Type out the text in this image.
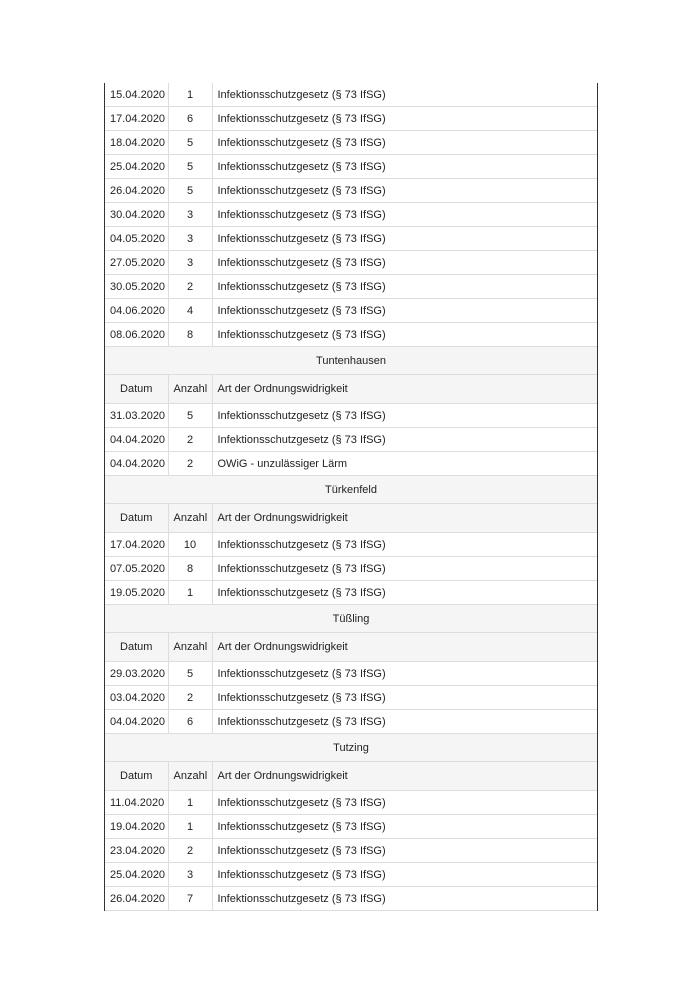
15.04.2020	1	Infektionsschutzgesetz (§ 73 IfSG)
17.04.2020	6	Infektionsschutzgesetz (§ 73 IfSG)
18.04.2020	5	Infektionsschutzgesetz (§ 73 IfSG)
25.04.2020	5	Infektionsschutzgesetz (§ 73 IfSG)
26.04.2020	5	Infektionsschutzgesetz (§ 73 IfSG)
30.04.2020	3	Infektionsschutzgesetz (§ 73 IfSG)
04.05.2020	3	Infektionsschutzgesetz (§ 73 IfSG)
27.05.2020	3	Infektionsschutzgesetz (§ 73 IfSG)
30.05.2020	2	Infektionsschutzgesetz (§ 73 IfSG)
04.06.2020	4	Infektionsschutzgesetz (§ 73 IfSG)
08.06.2020	8	Infektionsschutzgesetz (§ 73 IfSG)
Tuntenhausen		
Datum	Anzahl	Art der Ordnungswidrigkeit
31.03.2020	5	Infektionsschutzgesetz (§ 73 IfSG)
04.04.2020	2	Infektionsschutzgesetz (§ 73 IfSG)
04.04.2020	2	OWiG - unzulässiger Lärm
Türkenfeld		
Datum	Anzahl	Art der Ordnungswidrigkeit
17.04.2020	10	Infektionsschutzgesetz (§ 73 IfSG)
07.05.2020	8	Infektionsschutzgesetz (§ 73 IfSG)
19.05.2020	1	Infektionsschutzgesetz (§ 73 IfSG)
Tüßling		
Datum	Anzahl	Art der Ordnungswidrigkeit
29.03.2020	5	Infektionsschutzgesetz (§ 73 IfSG)
03.04.2020	2	Infektionsschutzgesetz (§ 73 IfSG)
04.04.2020	6	Infektionsschutzgesetz (§ 73 IfSG)
Tutzing		
Datum	Anzahl	Art der Ordnungswidrigkeit
11.04.2020	1	Infektionsschutzgesetz (§ 73 IfSG)
19.04.2020	1	Infektionsschutzgesetz (§ 73 IfSG)
23.04.2020	2	Infektionsschutzgesetz (§ 73 IfSG)
25.04.2020	3	Infektionsschutzgesetz (§ 73 IfSG)
26.04.2020	7	Infektionsschutzgesetz (§ 73 IfSG)
